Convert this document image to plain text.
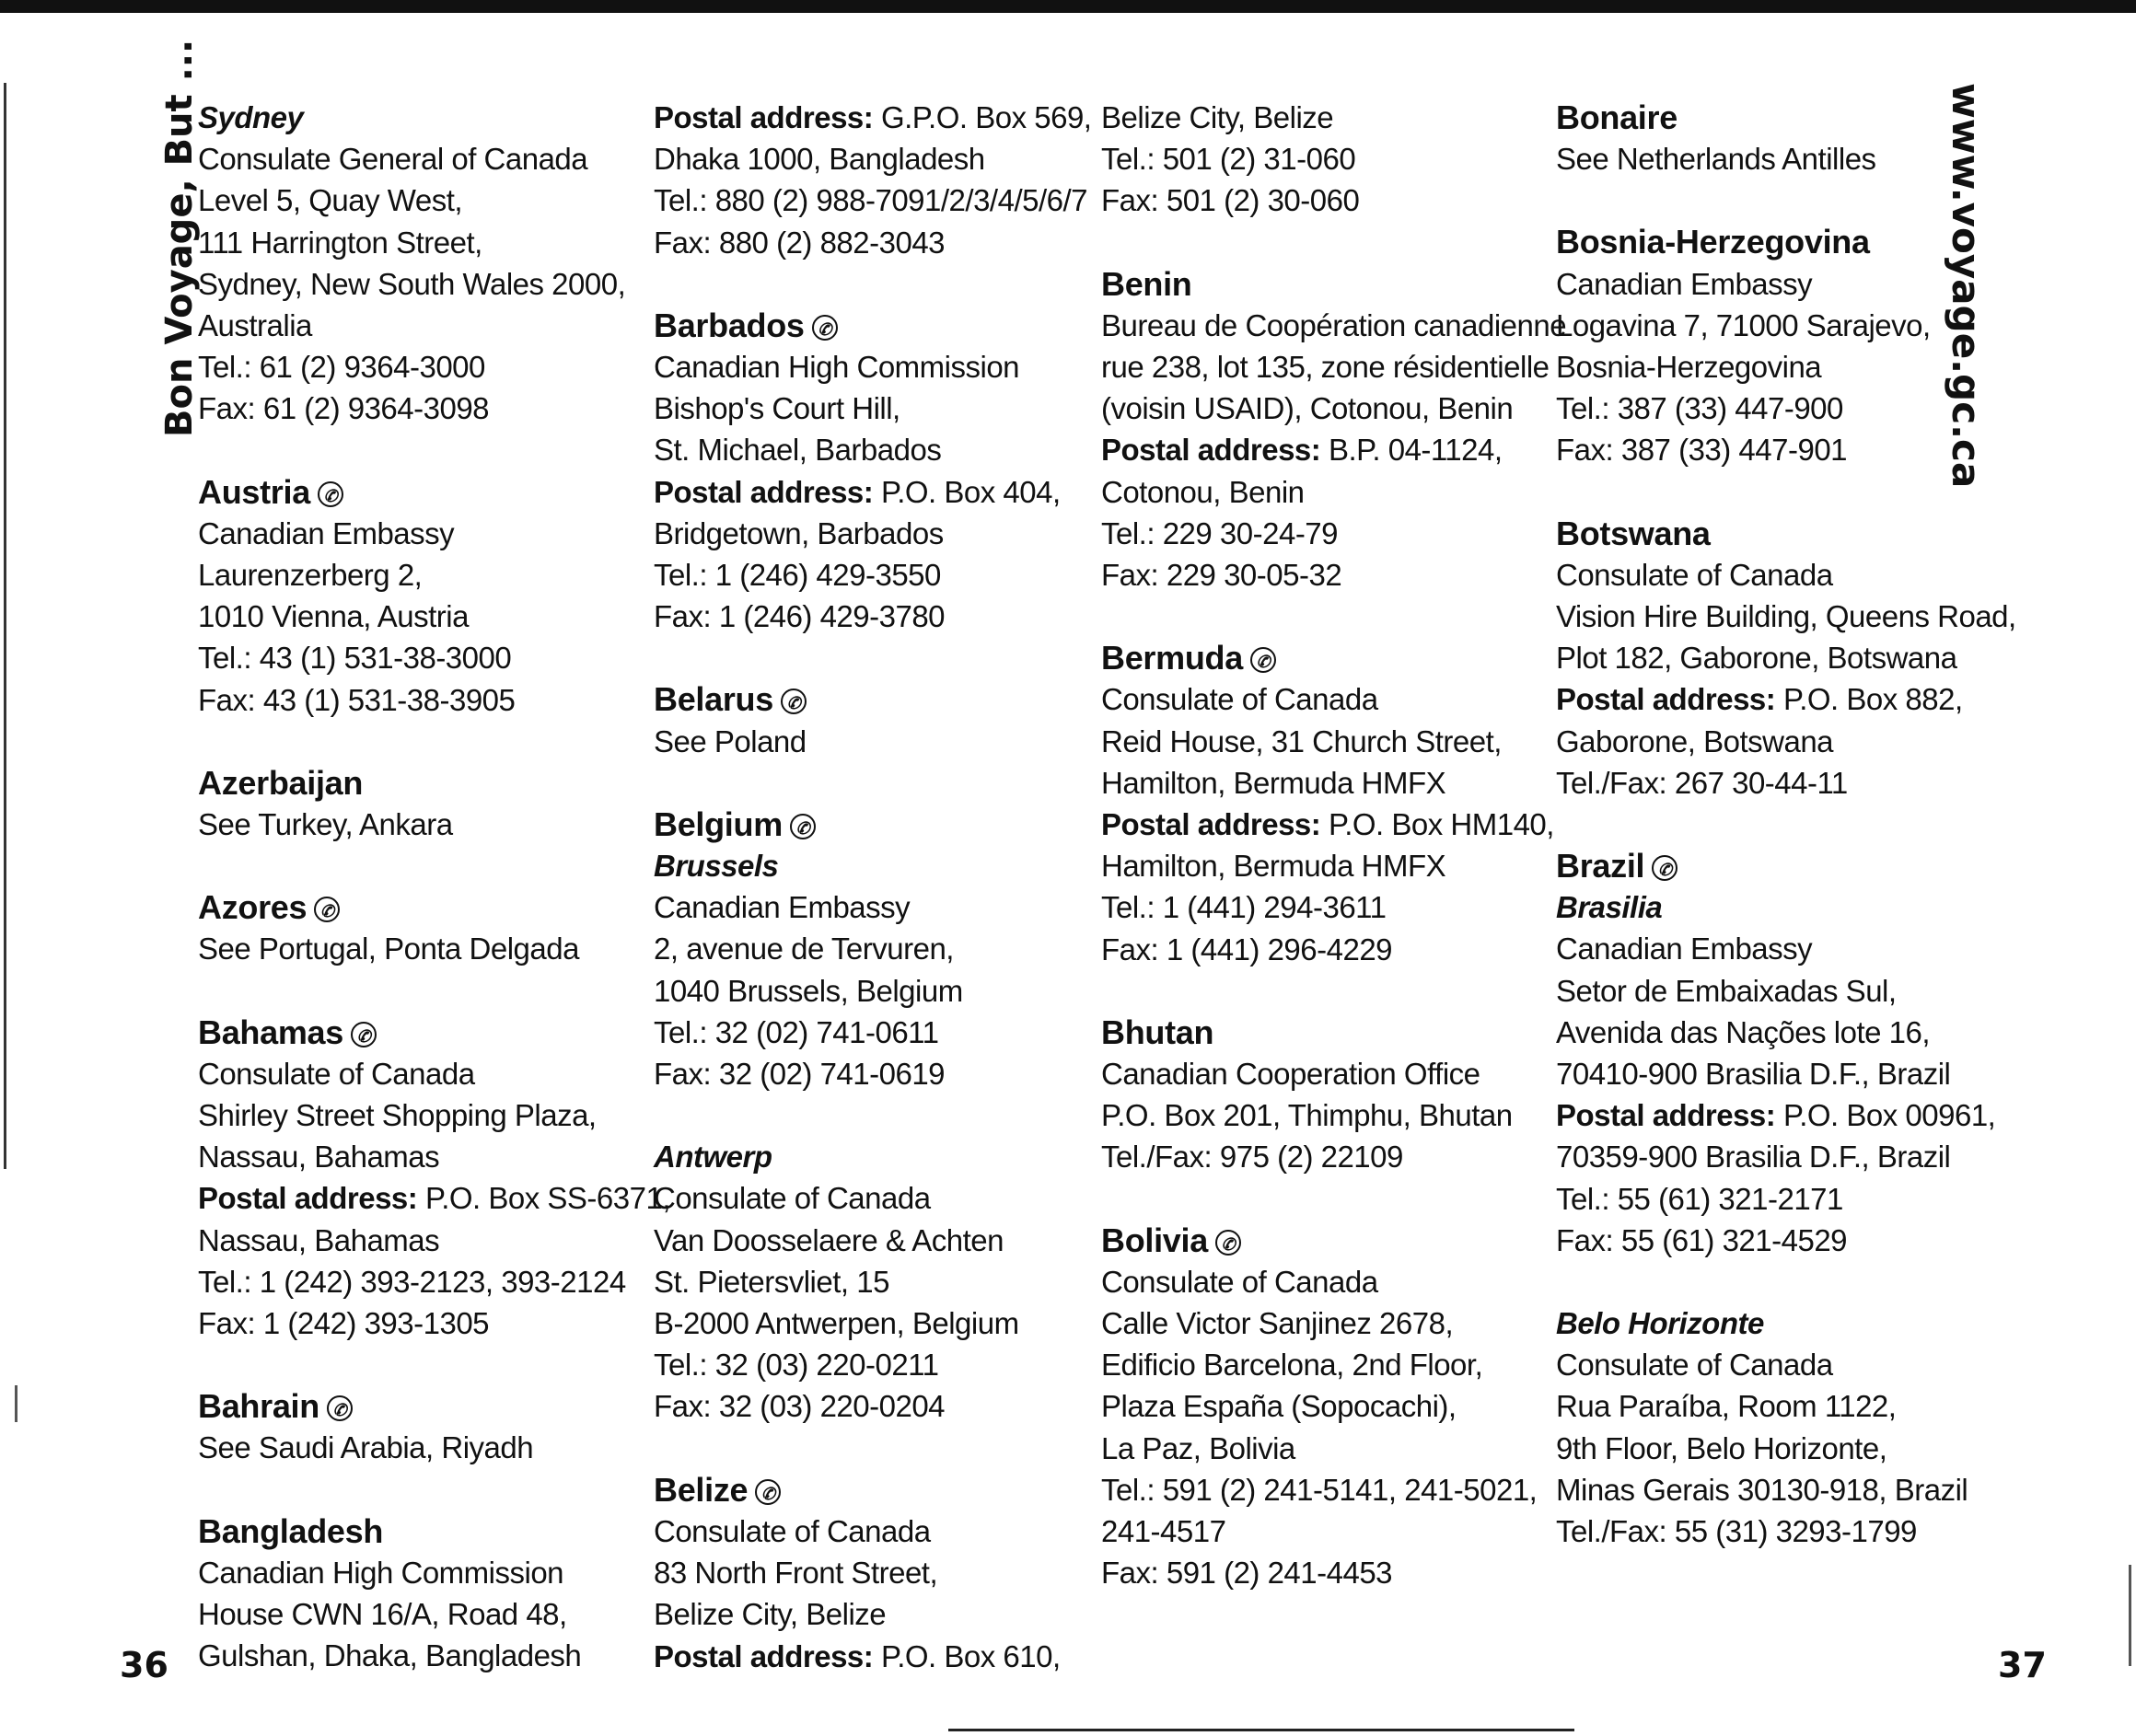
Bon Voyage, But ...	www.voyage.gc.ca
36	37
Sydney
Consulate General of Canada
Level 5, Quay West,
111 Harrington Street,
Sydney, New South Wales 2000,
Australia
Tel.: 61 (2) 9364-3000
Fax: 61 (2) 9364-3098
Austria ✆
Canadian Embassy
Laurenzerberg 2,
1010 Vienna, Austria
Tel.: 43 (1) 531-38-3000
Fax: 43 (1) 531-38-3905
Azerbaijan
See Turkey, Ankara
Azores ✆
See Portugal, Ponta Delgada
Bahamas ✆
Consulate of Canada
Shirley Street Shopping Plaza,
Nassau, Bahamas
Postal address: P.O. Box SS-6371,
Nassau, Bahamas
Tel.: 1 (242) 393-2123, 393-2124
Fax: 1 (242) 393-1305
Bahrain ✆
See Saudi Arabia, Riyadh
Bangladesh
Canadian High Commission
House CWN 16/A, Road 48,
Gulshan, Dhaka, Bangladesh
Postal address: G.P.O. Box 569,
Dhaka 1000, Bangladesh
Tel.: 880 (2) 988-7091/2/3/4/5/6/7
Fax: 880 (2) 882-3043
Barbados ✆
Canadian High Commission
Bishop's Court Hill,
St. Michael, Barbados
Postal address: P.O. Box 404,
Bridgetown, Barbados
Tel.: 1 (246) 429-3550
Fax: 1 (246) 429-3780
Belarus ✆
See Poland
Belgium ✆
Brussels
Canadian Embassy
2, avenue de Tervuren,
1040 Brussels, Belgium
Tel.: 32 (02) 741-0611
Fax: 32 (02) 741-0619
Antwerp
Consulate of Canada
Van Doosselaere & Achten
St. Pietersvliet, 15
B-2000 Antwerpen, Belgium
Tel.: 32 (03) 220-0211
Fax: 32 (03) 220-0204
Belize ✆
Consulate of Canada
83 North Front Street,
Belize City, Belize
Postal address: P.O. Box 610,
Belize City, Belize
Tel.: 501 (2) 31-060
Fax: 501 (2) 30-060
Benin
Bureau de Coopération canadienne
rue 238, lot 135, zone résidentielle
(voisin USAID), Cotonou, Benin
Postal address: B.P. 04-1124,
Cotonou, Benin
Tel.: 229 30-24-79
Fax: 229 30-05-32
Bermuda ✆
Consulate of Canada
Reid House, 31 Church Street,
Hamilton, Bermuda HMFX
Postal address: P.O. Box HM140,
Hamilton, Bermuda HMFX
Tel.: 1 (441) 294-3611
Fax: 1 (441) 296-4229
Bhutan
Canadian Cooperation Office
P.O. Box 201, Thimphu, Bhutan
Tel./Fax: 975 (2) 22109
Bolivia ✆
Consulate of Canada
Calle Victor Sanjinez 2678,
Edificio Barcelona, 2nd Floor,
Plaza España (Sopocachi),
La Paz, Bolivia
Tel.: 591 (2) 241-5141, 241-5021,
241-4517
Fax: 591 (2) 241-4453
Bonaire
See Netherlands Antilles
Bosnia-Herzegovina
Canadian Embassy
Logavina 7, 71000 Sarajevo,
Bosnia-Herzegovina
Tel.: 387 (33) 447-900
Fax: 387 (33) 447-901
Botswana
Consulate of Canada
Vision Hire Building, Queens Road,
Plot 182, Gaborone, Botswana
Postal address: P.O. Box 882,
Gaborone, Botswana
Tel./Fax: 267 30-44-11
Brazil ✆
Brasilia
Canadian Embassy
Setor de Embaixadas Sul,
Avenida das Nações lote 16,
70410-900 Brasilia D.F., Brazil
Postal address: P.O. Box 00961,
70359-900 Brasilia D.F., Brazil
Tel.: 55 (61) 321-2171
Fax: 55 (61) 321-4529
Belo Horizonte
Consulate of Canada
Rua Paraíba, Room 1122,
9th Floor, Belo Horizonte,
Minas Gerais 30130-918, Brazil
Tel./Fax: 55 (31) 3293-1799
